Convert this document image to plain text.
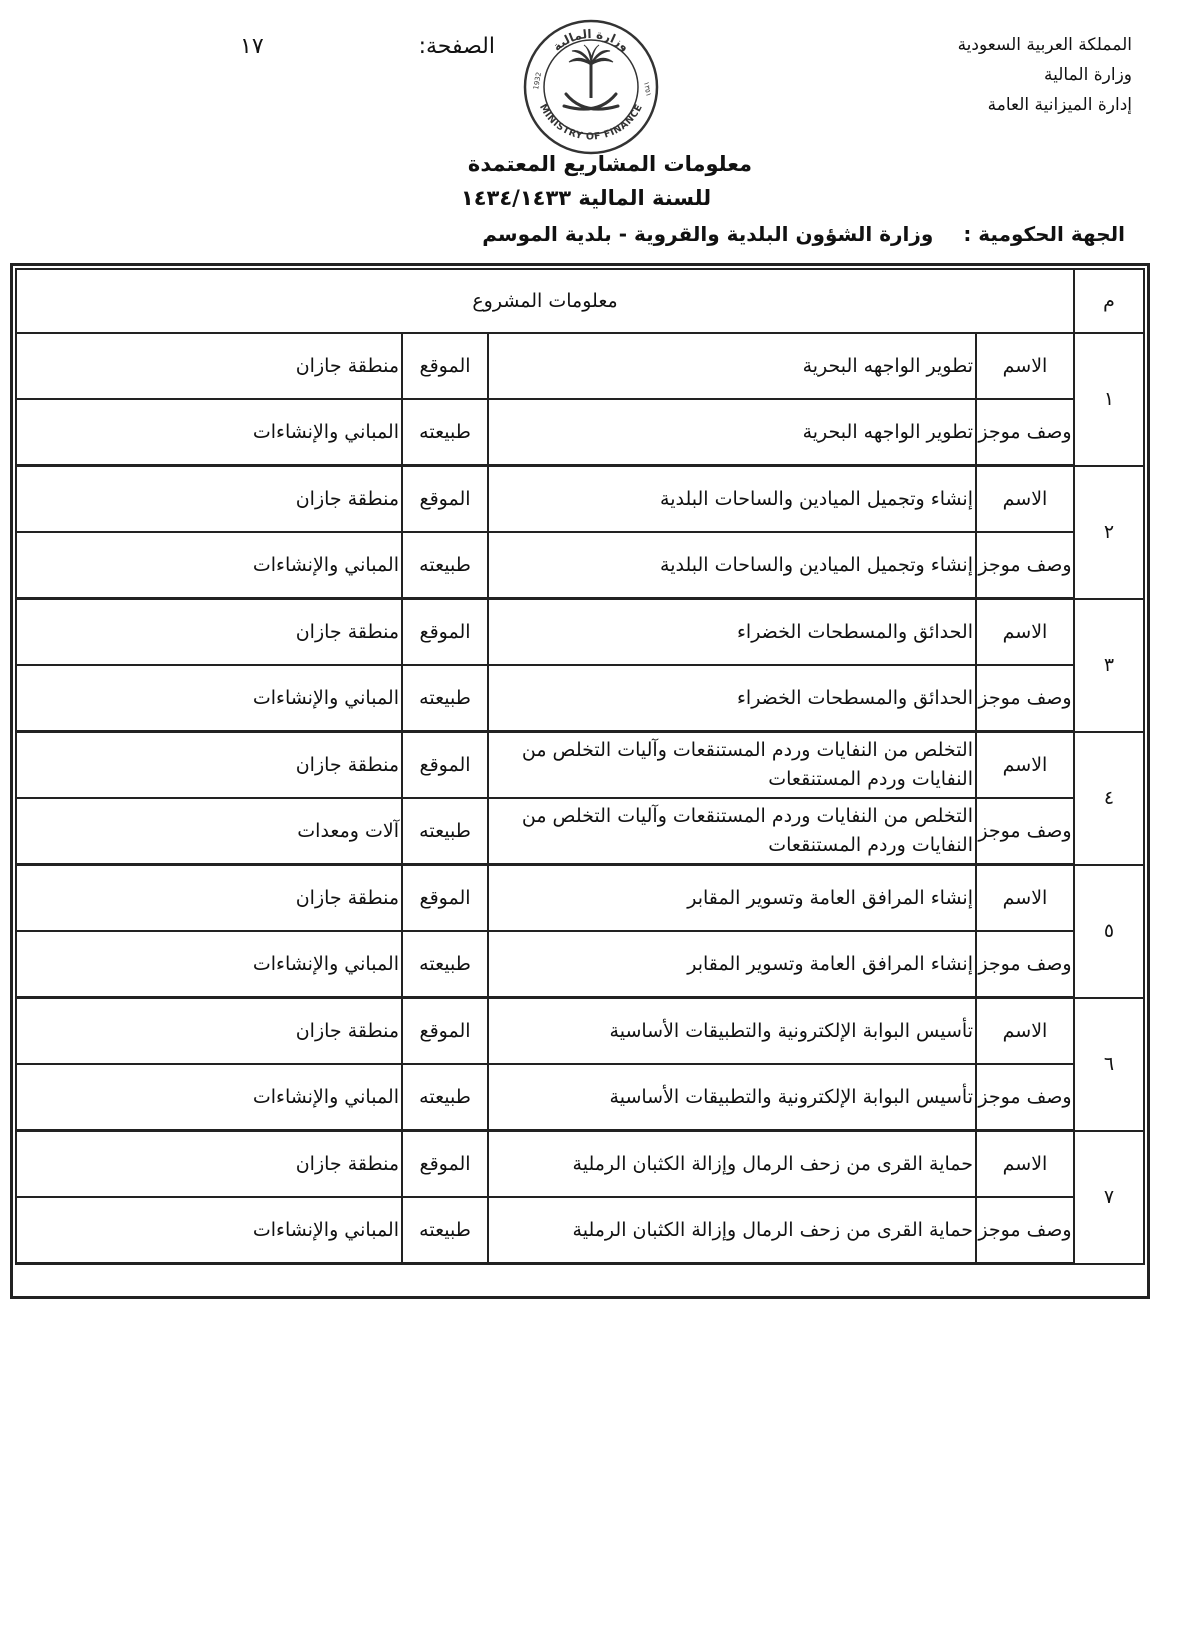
المملكة العربية السعودية
وزارة المالية
إدارة الميزانية العامة
الصفحة:
١٧	وزارة المالية
MINISTRY OF FINANCE
1932	١٣٥١
معلومات المشاريع المعتمدة
للسنة المالية ١٤٣٤/١٤٣٣
الجهة الحكومية :وزارة الشؤون البلدية والقروية - بلدية الموسم
م	معلومات المشروع			
١	الاسم	تطوير الواجهه البحرية	الموقع	منطقة جازان
	وصف موجز	تطوير الواجهه البحرية	طبيعته	المباني والإنشاءات
٢	الاسم	إنشاء وتجميل الميادين والساحات البلدية	الموقع	منطقة جازان
	وصف موجز	إنشاء وتجميل الميادين والساحات البلدية	طبيعته	المباني والإنشاءات
٣	الاسم	الحدائق والمسطحات الخضراء	الموقع	منطقة جازان
	وصف موجز	الحدائق والمسطحات الخضراء	طبيعته	المباني والإنشاءات
٤	الاسم	التخلص من النفايات وردم المستنقعات وآليات التخلص من النفايات وردم المستنقعات	الموقع	منطقة جازان
	وصف موجز	التخلص من النفايات وردم المستنقعات وآليات التخلص من النفايات وردم المستنقعات	طبيعته	آلات ومعدات
٥	الاسم	إنشاء المرافق العامة وتسوير المقابر	الموقع	منطقة جازان
	وصف موجز	إنشاء المرافق العامة وتسوير المقابر	طبيعته	المباني والإنشاءات
٦	الاسم	تأسيس البوابة الإلكترونية والتطبيقات الأساسية	الموقع	منطقة جازان
	وصف موجز	تأسيس البوابة الإلكترونية والتطبيقات الأساسية	طبيعته	المباني والإنشاءات
٧	الاسم	حماية القرى من زحف الرمال وإزالة الكثبان الرملية	الموقع	منطقة جازان
	وصف موجز	حماية القرى من زحف الرمال وإزالة الكثبان الرملية	طبيعته	المباني والإنشاءات
